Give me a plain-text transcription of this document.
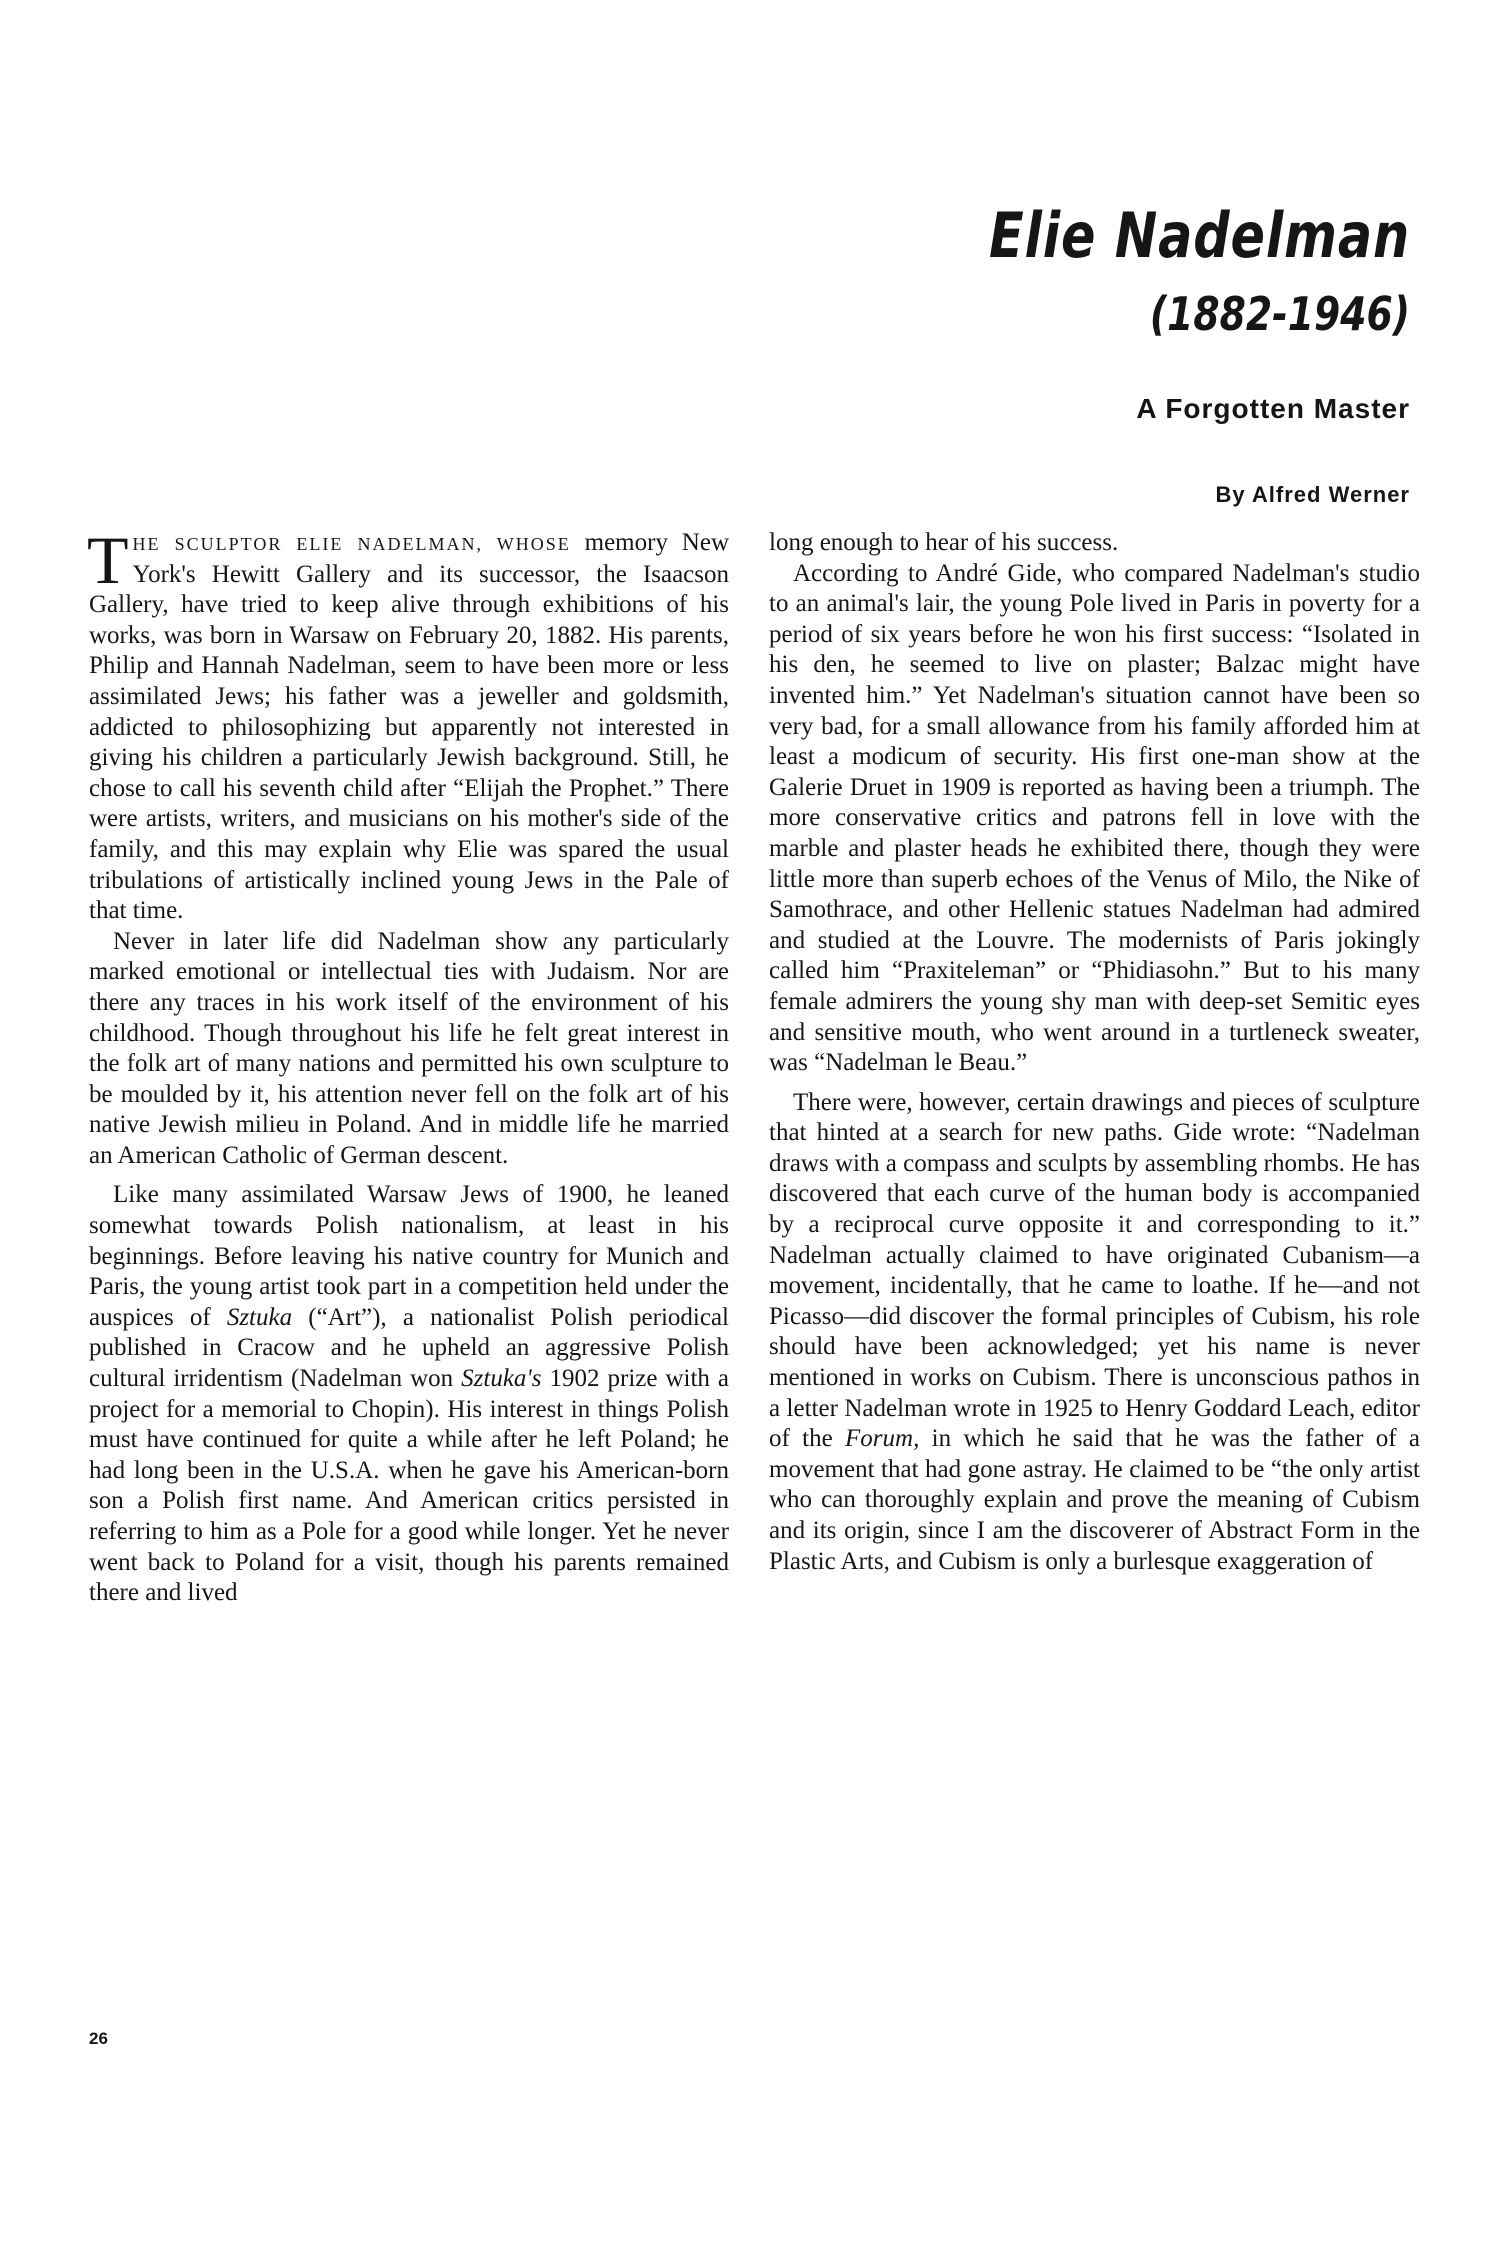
Elie Nadelman
(1882-1946)
A Forgotten Master
By Alfred Werner

THE SCULPTOR ELIE NADELMAN, WHOSE memory New York's Hewitt Gallery and its successor, the Isaacson Gallery, have tried to keep alive through exhibitions of his works, was born in Warsaw on February 20, 1882. His parents, Philip and Hannah Nadelman, seem to have been more or less assimilated Jews; his father was a jeweller and goldsmith, addicted to philosophizing but apparently not interested in giving his children a particularly Jewish background. Still, he chose to call his seventh child after “Elijah the Prophet.” There were artists, writers, and musicians on his mother's side of the family, and this may explain why Elie was spared the usual tribulations of artistically inclined young Jews in the Pale of that time.

Never in later life did Nadelman show any particularly marked emotional or intellectual ties with Judaism. Nor are there any traces in his work itself of the environment of his childhood. Though throughout his life he felt great interest in the folk art of many nations and permitted his own sculpture to be moulded by it, his attention never fell on the folk art of his native Jewish milieu in Poland. And in middle life he married an American Catholic of German descent.

Like many assimilated Warsaw Jews of 1900, he leaned somewhat towards Polish nationalism, at least in his beginnings. Before leaving his native country for Munich and Paris, the young artist took part in a competition held under the auspices of Sztuka (“Art”), a nationalist Polish periodical published in Cracow and he upheld an aggressive Polish cultural irridentism (Nadelman won Sztuka's 1902 prize with a project for a memorial to Chopin). His interest in things Polish must have continued for quite a while after he left Poland; he had long been in the U.S.A. when he gave his American-born son a Polish first name. And American critics persisted in referring to him as a Pole for a good while longer. Yet he never went back to Poland for a visit, though his parents remained there and lived

long enough to hear of his success.

According to André Gide, who compared Nadelman's studio to an animal's lair, the young Pole lived in Paris in poverty for a period of six years before he won his first success: “Isolated in his den, he seemed to live on plaster; Balzac might have invented him.” Yet Nadelman's situation cannot have been so very bad, for a small allowance from his family afforded him at least a modicum of security. His first one-man show at the Galerie Druet in 1909 is reported as having been a triumph. The more conservative critics and patrons fell in love with the marble and plaster heads he exhibited there, though they were little more than superb echoes of the Venus of Milo, the Nike of Samothrace, and other Hellenic statues Nadelman had admired and studied at the Louvre. The modernists of Paris jokingly called him “Praxiteleman” or “Phidiasohn.” But to his many female admirers the young shy man with deep-set Semitic eyes and sensitive mouth, who went around in a turtleneck sweater, was “Nadelman le Beau.”

There were, however, certain drawings and pieces of sculpture that hinted at a search for new paths. Gide wrote: “Nadelman draws with a compass and sculpts by assembling rhombs. He has discovered that each curve of the human body is accompanied by a reciprocal curve opposite it and corresponding to it.” Nadelman actually claimed to have originated Cubanism—a movement, incidentally, that he came to loathe. If he—and not Picasso—did discover the formal principles of Cubism, his role should have been acknowledged; yet his name is never mentioned in works on Cubism. There is unconscious pathos in a letter Nadelman wrote in 1925 to Henry Goddard Leach, editor of the Forum, in which he said that he was the father of a movement that had gone astray. He claimed to be “the only artist who can thoroughly explain and prove the meaning of Cubism and its origin, since I am the discoverer of Abstract Form in the Plastic Arts, and Cubism is only a burlesque exaggeration of

26
